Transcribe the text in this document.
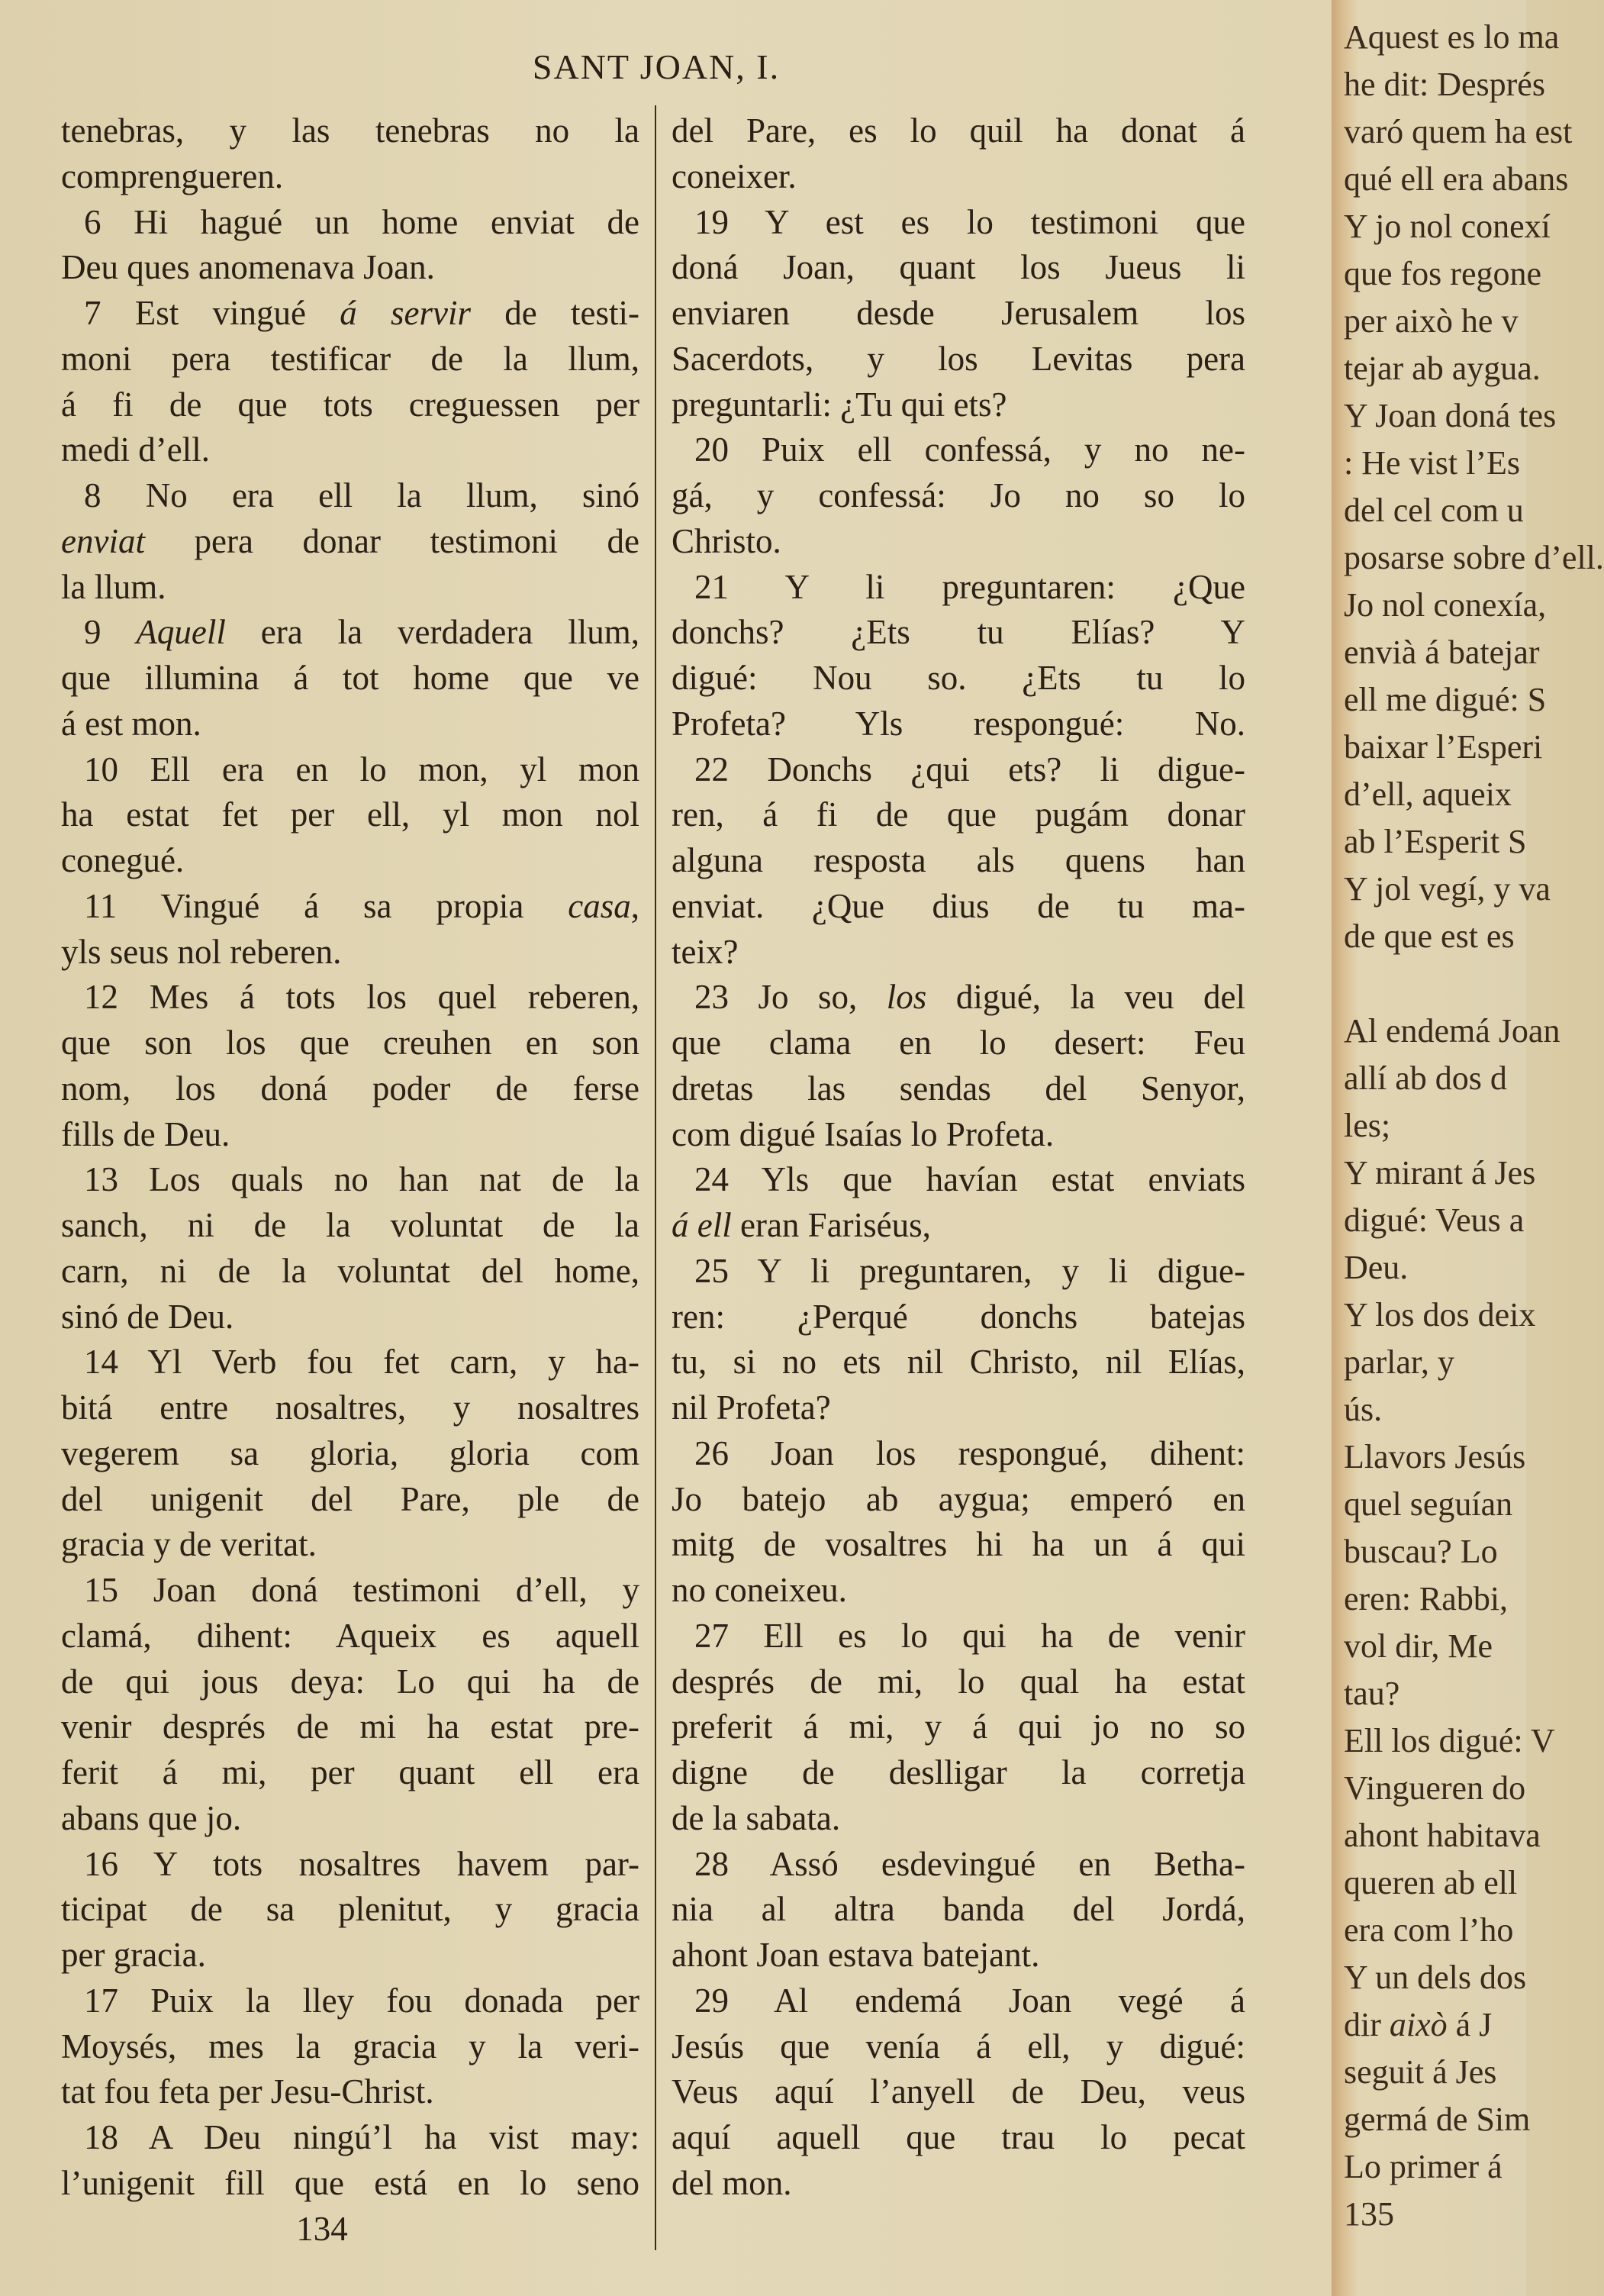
SANT JOAN, I.
tenebras, y las tenebras no la
comprengueren.
6 Hi hagué un home enviat de
Deu ques anomenava Joan.
7 Est vingué á servir de testi-
moni pera testificar de la llum,
á fi de que tots creguessen per
medi d’ell.
8 No era ell la llum, sinó
enviat pera donar testimoni de
la llum.
9 Aquell era la verdadera llum,
que illumina á tot home que ve
á est mon.
10 Ell era en lo mon, yl mon
ha estat fet per ell, yl mon nol
conegué.
11 Vingué á sa propia casa,
yls seus nol reberen.
12 Mes á tots los quel reberen,
que son los que creuhen en son
nom, los doná poder de ferse
fills de Deu.
13 Los quals no han nat de la
sanch, ni de la voluntat de la
carn, ni de la voluntat del home,
sinó de Deu.
14 Yl Verb fou fet carn, y ha-
bitá entre nosaltres, y nosaltres
vegerem sa gloria, gloria com
del unigenit del Pare, ple de
gracia y de veritat.
15 Joan doná testimoni d’ell, y
clamá, dihent: Aqueix es aquell
de qui jous deya: Lo qui ha de
venir després de mi ha estat pre-
ferit á mi, per quant ell era
abans que jo.
16 Y tots nosaltres havem par-
ticipat de sa plenitut, y gracia
per gracia.
17 Puix la lley fou donada per
Moysés, mes la gracia y la veri-
tat fou feta per Jesu-Christ.
18 A Deu ningú’l ha vist may:
l’unigenit fill que está en lo seno
del Pare, es lo quil ha donat á
coneixer.
19 Y est es lo testimoni que
doná Joan, quant los Jueus li
enviaren desde Jerusalem los
Sacerdots, y los Levitas pera
preguntarli: ¿Tu qui ets?
20 Puix ell confessá, y no ne-
gá, y confessá: Jo no so lo
Christo.
21 Y li preguntaren: ¿Que
donchs? ¿Ets tu Elías? Y
digué: Nou so. ¿Ets tu lo
Profeta? Yls respongué: No.
22 Donchs ¿qui ets? li digue-
ren, á fi de que pugám donar
alguna resposta als quens han
enviat. ¿Que dius de tu ma-
teix?
23 Jo so, los digué, la veu del
que clama en lo desert: Feu
dretas las sendas del Senyor,
com digué Isaías lo Profeta.
24 Yls que havían estat enviats
á ell eran Fariséus,
25 Y li preguntaren, y li digue-
ren: ¿Perqué donchs batejas
tu, si no ets nil Christo, nil Elías,
nil Profeta?
26 Joan los respongué, dihent:
Jo batejo ab aygua; emperó en
mitg de vosaltres hi ha un á qui
no coneixeu.
27 Ell es lo qui ha de venir
després de mi, lo qual ha estat
preferit á mi, y á qui jo no so
digne de deslligar la corretja
de la sabata.
28 Assó esdevingué en Betha-
nia al altra banda del Jordá,
ahont Joan estava batejant.
29 Al endemá Joan vegé á
Jesús que venía á ell, y digué:
Veus aquí l’anyell de Deu, veus
aquí aquell que trau lo pecat
del mon.
134
Aquest es lo ma
he dit: Després
varó quem ha est
qué ell era abans
Y jo nol conexí
que fos regone
per això he v
tejar ab aygua.
Y Joan doná tes
: He vist l’Es
del cel com u
posarse sobre d’ell.
Jo nol conexía,
envià á batejar
ell me digué: S
baixar l’Esperi
d’ell, aqueix
ab l’Esperit S
Y jol vegí, y va
de que est es
Al endemá Joan
allí ab dos d
les;
Y mirant á Jes
digué: Veus a
Deu.
Y los dos deix
parlar, y
ús.
Llavors Jesús
quel seguían
buscau? Lo
eren: Rabbi,
vol dir, Me
tau?
Ell los digué: V
Vingueren do
ahont habitava
queren ab ell
era com l’ho
Y un dels dos
dir això á J
seguit á Jes
germá de Sim
Lo primer á
135
